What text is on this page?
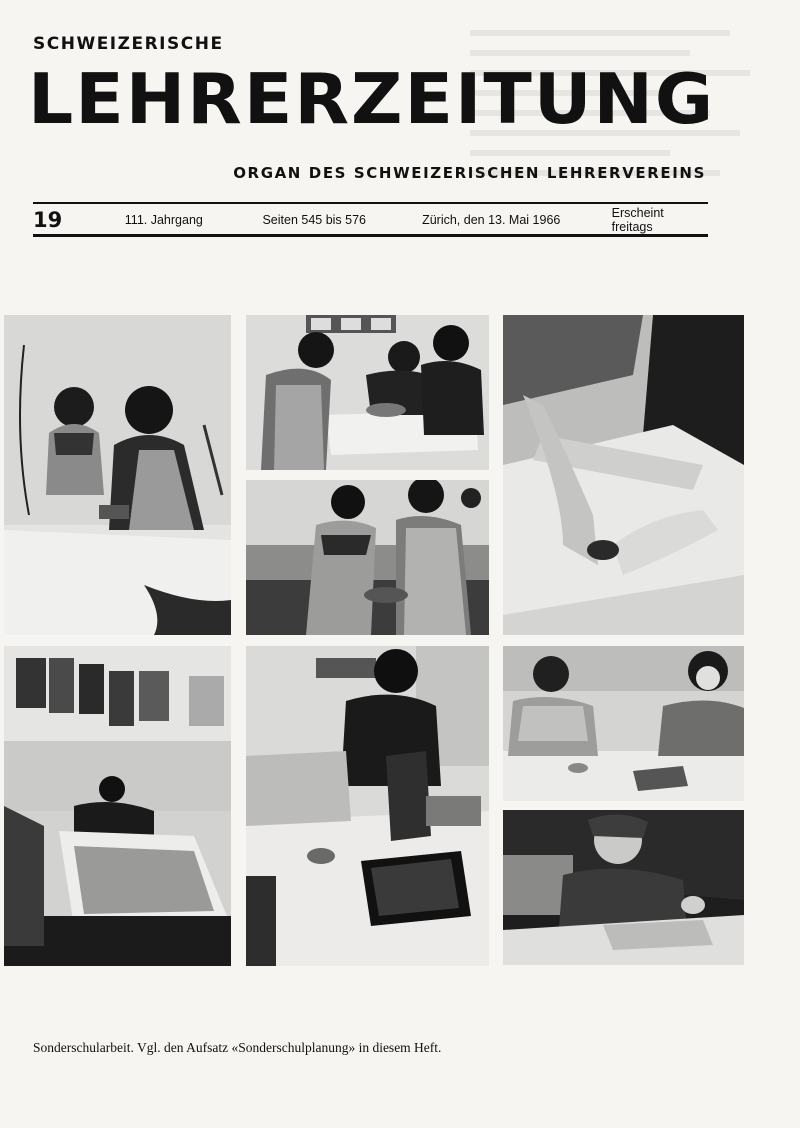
SCHWEIZERISCHE
LEHRERZEITUNG
ORGAN DES SCHWEIZERISCHEN LEHRERVEREINS
19	111. Jahrgang	Seiten 545 bis 576	Zürich, den 13. Mai 1966	Erscheint freitags
Sonderschularbeit. Vgl. den Aufsatz «Sonderschulplanung» in diesem Heft.
